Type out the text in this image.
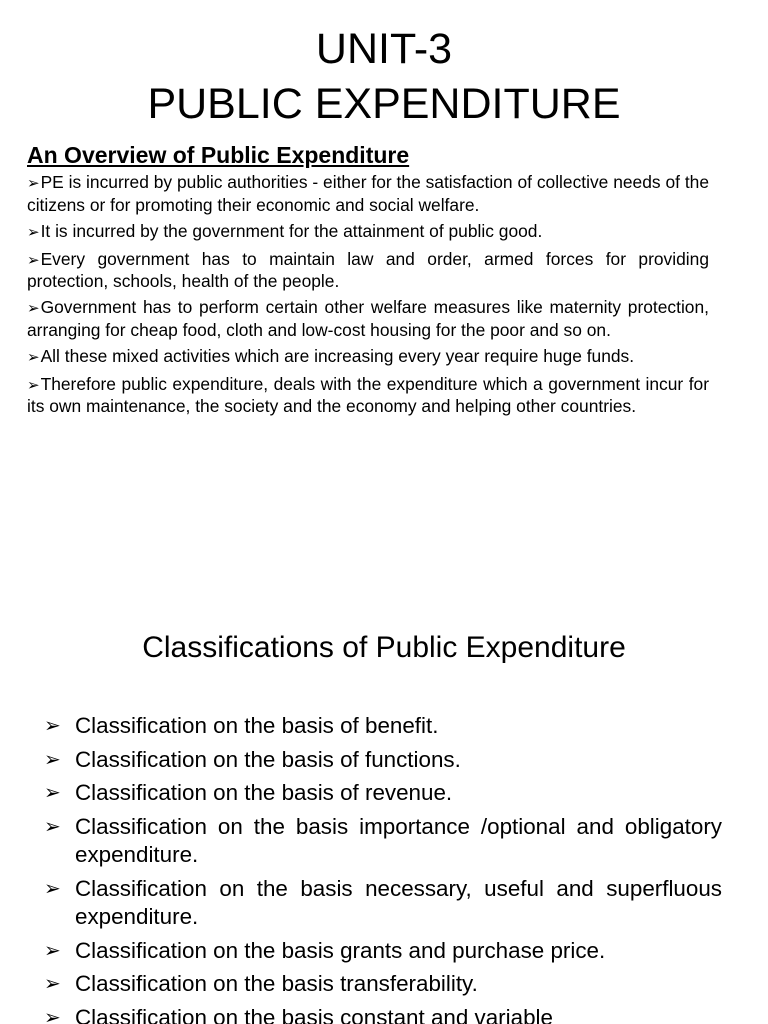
UNIT-3
PUBLIC EXPENDITURE
An Overview of Public Expenditure

➢PE is incurred by public authorities - either for the satisfaction of collective needs of the citizens or for promoting their economic and social welfare.

➢It is incurred by the government for the attainment of public good.

➢Every government has to maintain law and order, armed forces for providing protection, schools, health of the people.

➢Government has to perform certain other welfare measures like maternity protection, arranging for cheap food, cloth and low-cost housing for the poor and so on.

➢All these mixed activities which are increasing every year require huge funds.

➢Therefore public expenditure, deals with the expenditure which a government incur for its own maintenance, the society and the economy and helping other countries.

Classifications of Public Expenditure

➢ Classification on the basis of benefit.

➢ Classification on the basis of functions.

➢ Classification on the basis of revenue.

➢ Classification on the basis importance /optional and obligatory expenditure.

➢ Classification on the basis necessary, useful and superfluous expenditure.

➢ Classification on the basis grants and purchase price.

➢ Classification on the basis transferability.

➢ Classification on the basis constant and variable
